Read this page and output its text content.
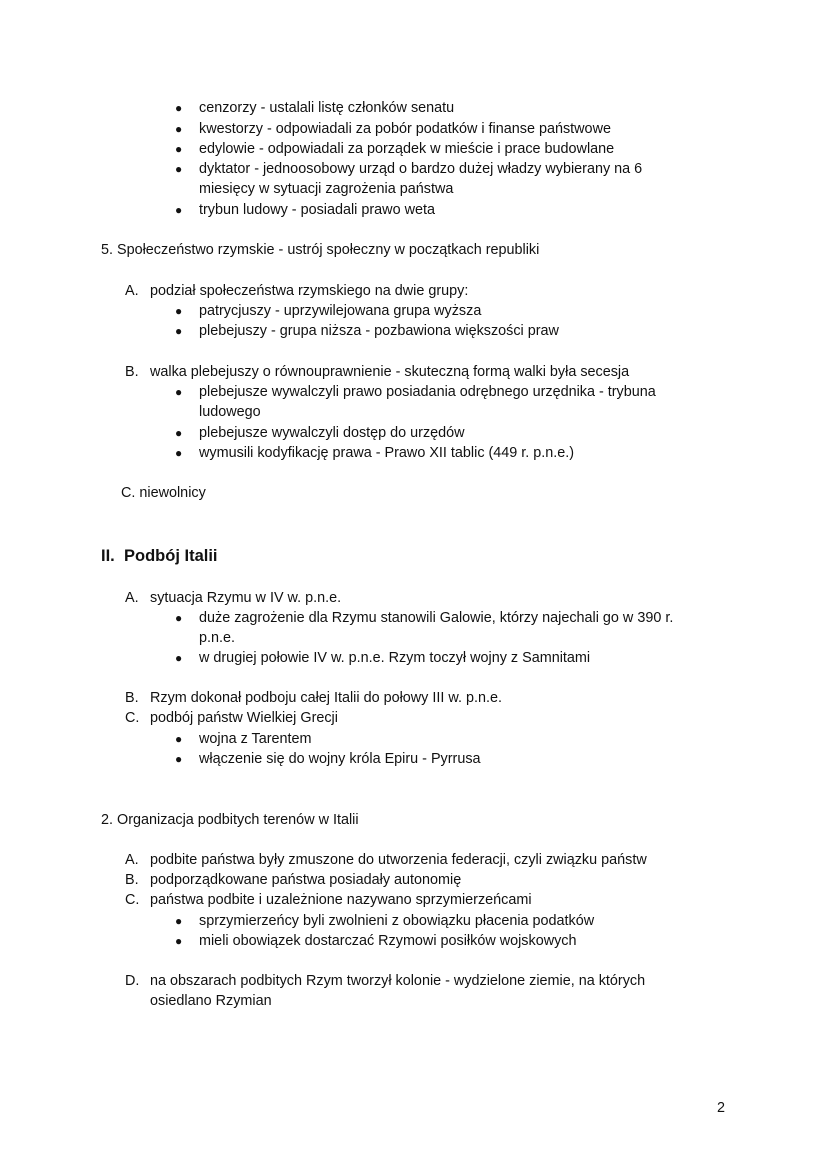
● cenzorzy - ustalali listę członków senatu
● kwestorzy - odpowiadali za pobór podatków i finanse państwowe
● edylowie - odpowiadali za porządek w mieście i prace budowlane
● dyktator - jednoosobowy urząd o bardzo dużej władzy wybierany na 6
miesięcy w sytuacji zagrożenia państwa
● trybun ludowy - posiadali prawo weta
5. Społeczeństwo rzymskie - ustrój społeczny w początkach republiki
A. podział społeczeństwa rzymskiego na dwie grupy:
● patrycjuszy - uprzywilejowana grupa wyższa
● plebejuszy - grupa niższa - pozbawiona większości praw
B. walka plebejuszy o równouprawnienie - skuteczną formą walki była secesja
● plebejusze wywalczyli prawo posiadania odrębnego urzędnika - trybuna
ludowego
● plebejusze wywalczyli dostęp do urzędów
● wymusili kodyfikację prawa - Prawo XII tablic (449 r. p.n.e.)
C. niewolnicy
II. Podbój Italii
A. sytuacja Rzymu w IV w. p.n.e.
● duże zagrożenie dla Rzymu stanowili Galowie, którzy najechali go w 390 r.
p.n.e.
● w drugiej połowie IV w. p.n.e. Rzym toczył wojny z Samnitami
B. Rzym dokonał podboju całej Italii do połowy III w. p.n.e.
C. podbój państw Wielkiej Grecji
● wojna z Tarentem
● włączenie się do wojny króla Epiru - Pyrrusa
2. Organizacja podbitych terenów w Italii
A. podbite państwa były zmuszone do utworzenia federacji, czyli związku państw
B. podporządkowane państwa posiadały autonomię
C. państwa podbite i uzależnione nazywano sprzymierzeńcami
● sprzymierzeńcy byli zwolnieni z obowiązku płacenia podatków
● mieli obowiązek dostarczać Rzymowi posiłków wojskowych
D. na obszarach podbitych Rzym tworzył kolonie - wydzielone ziemie, na których
osiedlano Rzymian
2
